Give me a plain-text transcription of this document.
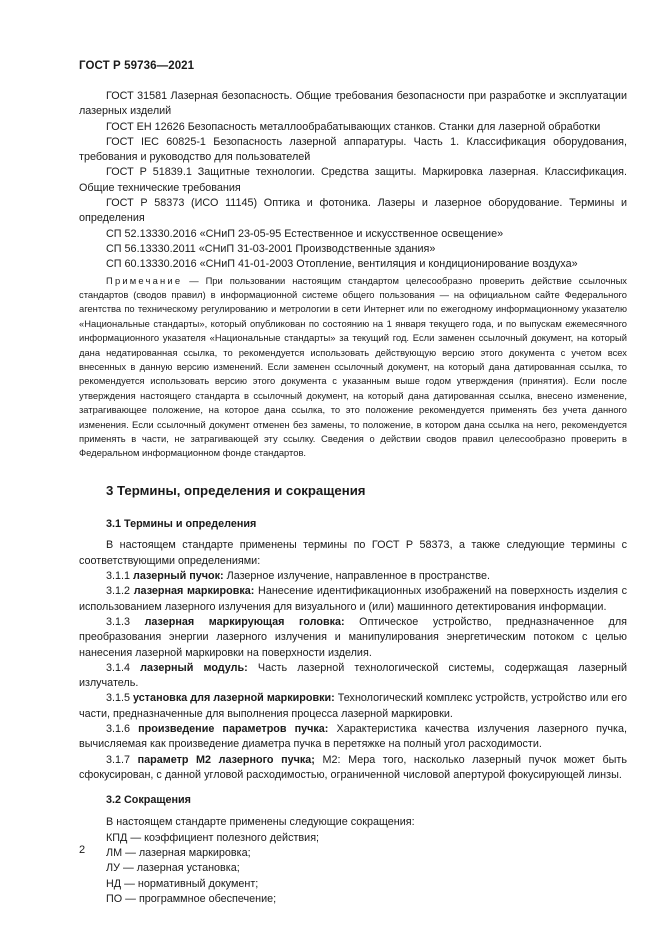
ГОСТ Р 59736—2021

ГОСТ 31581 Лазерная безопасность. Общие требования безопасности при разработке и эксплуатации лазерных изделий

ГОСТ ЕН 12626 Безопасность металлообрабатывающих станков. Станки для лазерной обработки

ГОСТ IEC 60825-1 Безопасность лазерной аппаратуры. Часть 1. Классификация оборудования, требования и руководство для пользователей

ГОСТ Р 51839.1 Защитные технологии. Средства защиты. Маркировка лазерная. Классификация. Общие технические требования

ГОСТ Р 58373 (ИСО 11145) Оптика и фотоника. Лазеры и лазерное оборудование. Термины и определения

СП 52.13330.2016 «СНиП 23-05-95 Естественное и искусственное освещение»

СП 56.13330.2011 «СНиП 31-03-2001 Производственные здания»

СП 60.13330.2016 «СНиП 41-01-2003 Отопление, вентиляция и кондиционирование воздуха»

Примечание — При пользовании настоящим стандартом целесообразно проверить действие ссылочных стандартов (сводов правил) в информационной системе общего пользования — на официальном сайте Федерального агентства по техническому регулированию и метрологии в сети Интернет или по ежегодному информационному указателю «Национальные стандарты», который опубликован по состоянию на 1 января текущего года, и по выпускам ежемесячного информационного указателя «Национальные стандарты» за текущий год. Если заменен ссылочный документ, на который дана недатированная ссылка, то рекомендуется использовать действующую версию этого документа с учетом всех внесенных в данную версию изменений. Если заменен ссылочный документ, на который дана датированная ссылка, то рекомендуется использовать версию этого документа с указанным выше годом утверждения (принятия). Если после утверждения настоящего стандарта в ссылочный документ, на который дана датированная ссылка, внесено изменение, затрагивающее положение, на которое дана ссылка, то это положение рекомендуется применять без учета данного изменения. Если ссылочный документ отменен без замены, то положение, в котором дана ссылка на него, рекомендуется применять в части, не затрагивающей эту ссылку. Сведения о действии сводов правил целесообразно проверить в Федеральном информационном фонде стандартов.

3 Термины, определения и сокращения

3.1 Термины и определения

В настоящем стандарте применены термины по ГОСТ Р 58373, а также следующие термины с соответствующими определениями:

3.1.1 лазерный пучок: Лазерное излучение, направленное в пространстве.

3.1.2 лазерная маркировка: Нанесение идентификационных изображений на поверхность изделия с использованием лазерного излучения для визуального и (или) машинного детектирования информации.

3.1.3 лазерная маркирующая головка: Оптическое устройство, предназначенное для преобразования энергии лазерного излучения и манипулирования энергетическим потоком с целью нанесения лазерной маркировки на поверхности изделия.

3.1.4 лазерный модуль: Часть лазерной технологической системы, содержащая лазерный излучатель.

3.1.5 установка для лазерной маркировки: Технологический комплекс устройств, устройство или его части, предназначенные для выполнения процесса лазерной маркировки.

3.1.6 произведение параметров пучка: Характеристика качества излучения лазерного пучка, вычисляемая как произведение диаметра пучка в перетяжке на полный угол расходимости.

3.1.7 параметр M2 лазерного пучка; M2: Мера того, насколько лазерный пучок может быть сфокусирован, с данной угловой расходимостью, ограниченной числовой апертурой фокусирующей линзы.

3.2 Сокращения

В настоящем стандарте применены следующие сокращения:

КПД — коэффициент полезного действия;

ЛМ — лазерная маркировка;

ЛУ — лазерная установка;

НД — нормативный документ;

ПО — программное обеспечение;

2
